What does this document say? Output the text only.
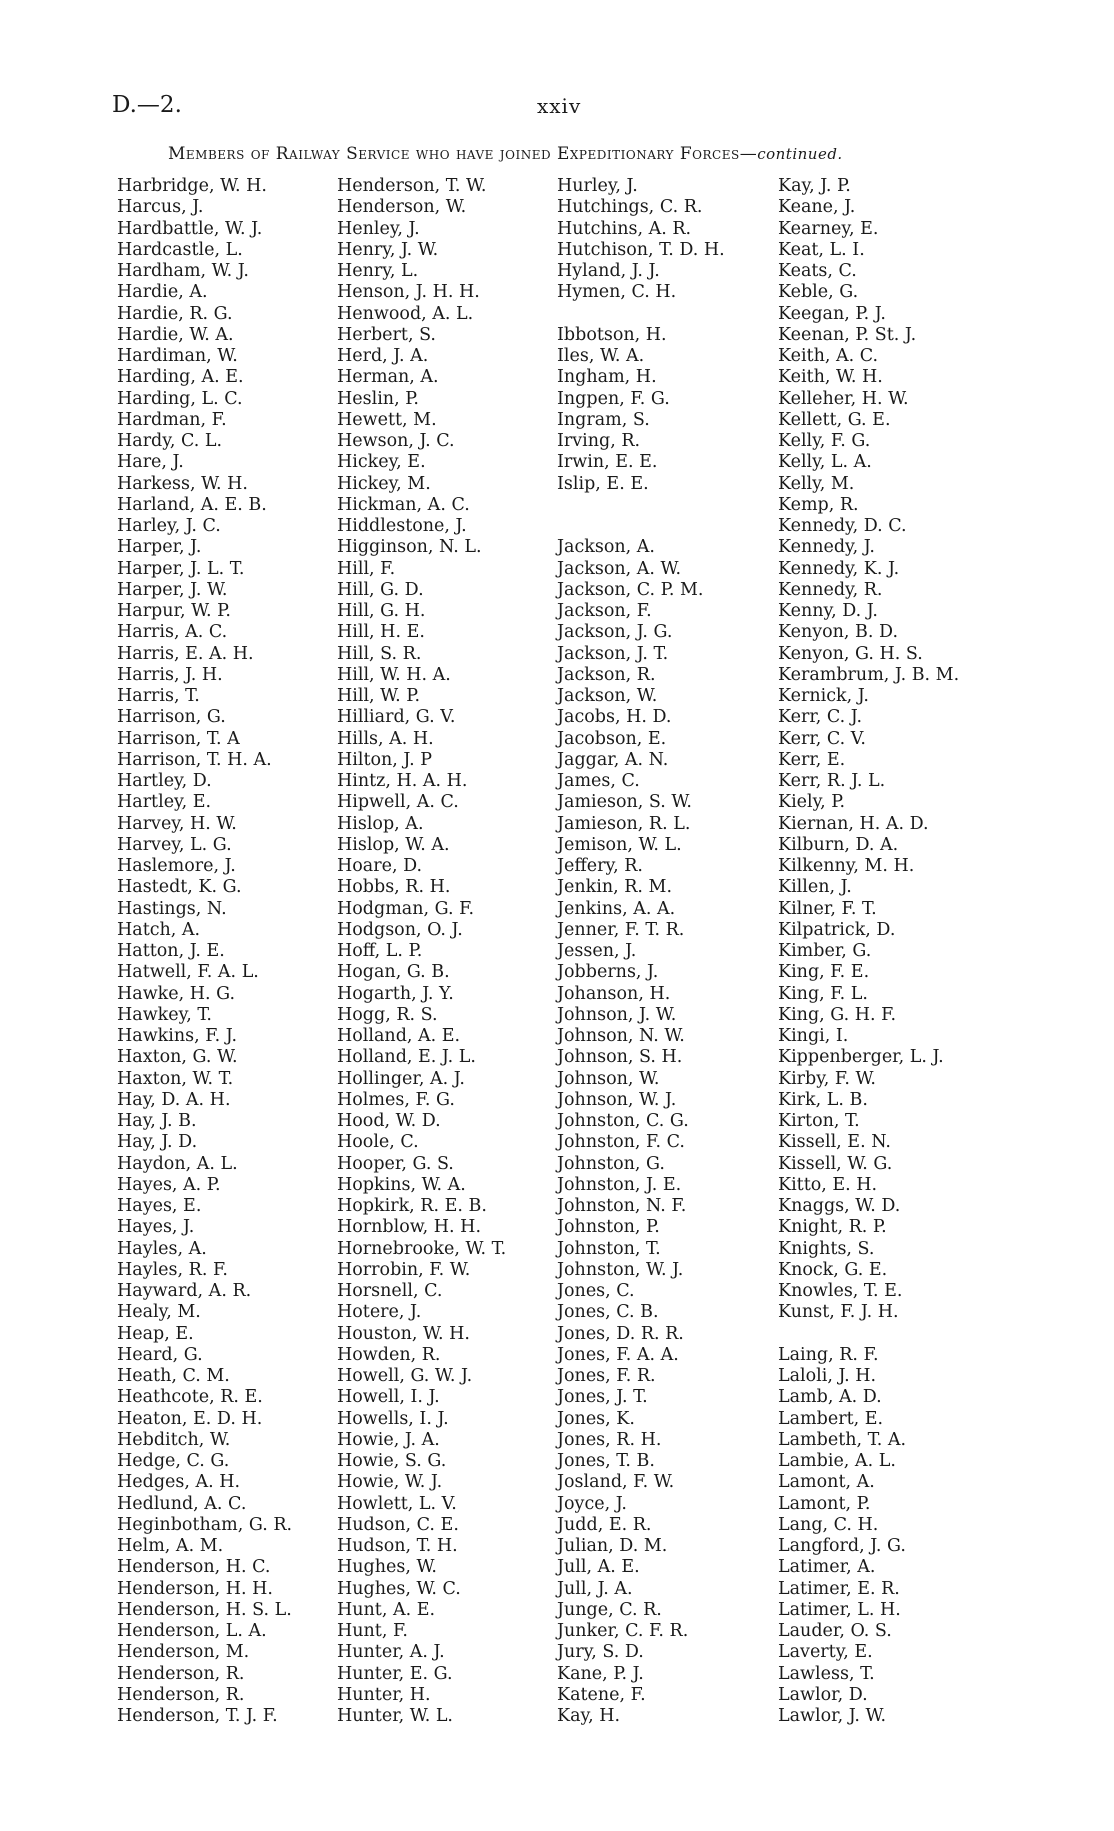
D.—2.	xxiv
Members of Railway Service who have joined Expeditionary Forces—continued.
Harbridge, W. H.
Harcus, J.
Hardbattle, W. J.
Hardcastle, L.
Hardham, W. J.
Hardie, A.
Hardie, R. G.
Hardie, W. A.
Hardiman, W.
Harding, A. E.
Harding, L. C.
Hardman, F.
Hardy, C. L.
Hare, J.
Harkess, W. H.
Harland, A. E. B.
Harley, J. C.
Harper, J.
Harper, J. L. T.
Harper, J. W.
Harpur, W. P.
Harris, A. C.
Harris, E. A. H.
Harris, J. H.
Harris, T.
Harrison, G.
Harrison, T. A
Harrison, T. H. A.
Hartley, D.
Hartley, E.
Harvey, H. W.
Harvey, L. G.
Haslemore, J.
Hastedt, K. G.
Hastings, N.
Hatch, A.
Hatton, J. E.
Hatwell, F. A. L.
Hawke, H. G.
Hawkey, T.
Hawkins, F. J.
Haxton, G. W.
Haxton, W. T.
Hay, D. A. H.
Hay, J. B.
Hay, J. D.
Haydon, A. L.
Hayes, A. P.
Hayes, E.
Hayes, J.
Hayles, A.
Hayles, R. F.
Hayward, A. R.
Healy, M.
Heap, E.
Heard, G.
Heath, C. M.
Heathcote, R. E.
Heaton, E. D. H.
Hebditch, W.
Hedge, C. G.
Hedges, A. H.
Hedlund, A. C.
Heginbotham, G. R.
Helm, A. M.
Henderson, H. C.
Henderson, H. H.
Henderson, H. S. L.
Henderson, L. A.
Henderson, M.
Henderson, R.
Henderson, R.
Henderson, T. J. F.
Henderson, T. W.
Henderson, W.
Henley, J.
Henry, J. W.
Henry, L.
Henson, J. H. H.
Henwood, A. L.
Herbert, S.
Herd, J. A.
Herman, A.
Heslin, P.
Hewett, M.
Hewson, J. C.
Hickey, E.
Hickey, M.
Hickman, A. C.
Hiddlestone, J.
Higginson, N. L.
Hill, F.
Hill, G. D.
Hill, G. H.
Hill, H. E.
Hill, S. R.
Hill, W. H. A.
Hill, W. P.
Hilliard, G. V.
Hills, A. H.
Hilton, J. P
Hintz, H. A. H.
Hipwell, A. C.
Hislop, A.
Hislop, W. A.
Hoare, D.
Hobbs, R. H.
Hodgman, G. F.
Hodgson, O. J.
Hoff, L. P.
Hogan, G. B.
Hogarth, J. Y.
Hogg, R. S.
Holland, A. E.
Holland, E. J. L.
Hollinger, A. J.
Holmes, F. G.
Hood, W. D.
Hoole, C.
Hooper, G. S.
Hopkins, W. A.
Hopkirk, R. E. B.
Hornblow, H. H.
Hornebrooke, W. T.
Horrobin, F. W.
Horsnell, C.
Hotere, J.
Houston, W. H.
Howden, R.
Howell, G. W. J.
Howell, I. J.
Howells, I. J.
Howie, J. A.
Howie, S. G.
Howie, W. J.
Howlett, L. V.
Hudson, C. E.
Hudson, T. H.
Hughes, W.
Hughes, W. C.
Hunt, A. E.
Hunt, F.
Hunter, A. J.
Hunter, E. G.
Hunter, H.
Hunter, W. L.
Hurley, J.
Hutchings, C. R.
Hutchins, A. R.
Hutchison, T. D. H.
Hyland, J. J.
Hymen, C. H.
Ibbotson, H.
Iles, W. A.
Ingham, H.
Ingpen, F. G.
Ingram, S.
Irving, R.
Irwin, E. E.
Islip, E. E.
Jackson, A.
Jackson, A. W.
Jackson, C. P. M.
Jackson, F.
Jackson, J. G.
Jackson, J. T.
Jackson, R.
Jackson, W.
Jacobs, H. D.
Jacobson, E.
Jaggar, A. N.
James, C.
Jamieson, S. W.
Jamieson, R. L.
Jemison, W. L.
Jeffery, R.
Jenkin, R. M.
Jenkins, A. A.
Jenner, F. T. R.
Jessen, J.
Jobberns, J.
Johanson, H.
Johnson, J. W.
Johnson, N. W.
Johnson, S. H.
Johnson, W.
Johnson, W. J.
Johnston, C. G.
Johnston, F. C.
Johnston, G.
Johnston, J. E.
Johnston, N. F.
Johnston, P.
Johnston, T.
Johnston, W. J.
Jones, C.
Jones, C. B.
Jones, D. R. R.
Jones, F. A. A.
Jones, F. R.
Jones, J. T.
Jones, K.
Jones, R. H.
Jones, T. B.
Josland, F. W.
Joyce, J.
Judd, E. R.
Julian, D. M.
Jull, A. E.
Jull, J. A.
Junge, C. R.
Junker, C. F. R.
Jury, S. D.
Kane, P. J.
Katene, F.
Kay, H.
Kay, J. P.
Keane, J.
Kearney, E.
Keat, L. I.
Keats, C.
Keble, G.
Keegan, P. J.
Keenan, P. St. J.
Keith, A. C.
Keith, W. H.
Kelleher, H. W.
Kellett, G. E.
Kelly, F. G.
Kelly, L. A.
Kelly, M.
Kemp, R.
Kennedy, D. C.
Kennedy, J.
Kennedy, K. J.
Kennedy, R.
Kenny, D. J.
Kenyon, B. D.
Kenyon, G. H. S.
Kerambrum, J. B. M.
Kernick, J.
Kerr, C. J.
Kerr, C. V.
Kerr, E.
Kerr, R. J. L.
Kiely, P.
Kiernan, H. A. D.
Kilburn, D. A.
Kilkenny, M. H.
Killen, J.
Kilner, F. T.
Kilpatrick, D.
Kimber, G.
King, F. E.
King, F. L.
King, G. H. F.
Kingi, I.
Kippenberger, L. J.
Kirby, F. W.
Kirk, L. B.
Kirton, T.
Kissell, E. N.
Kissell, W. G.
Kitto, E. H.
Knaggs, W. D.
Knight, R. P.
Knights, S.
Knock, G. E.
Knowles, T. E.
Kunst, F. J. H.
Laing, R. F.
Laloli, J. H.
Lamb, A. D.
Lambert, E.
Lambeth, T. A.
Lambie, A. L.
Lamont, A.
Lamont, P.
Lang, C. H.
Langford, J. G.
Latimer, A.
Latimer, E. R.
Latimer, L. H.
Lauder, O. S.
Laverty, E.
Lawless, T.
Lawlor, D.
Lawlor, J. W.
